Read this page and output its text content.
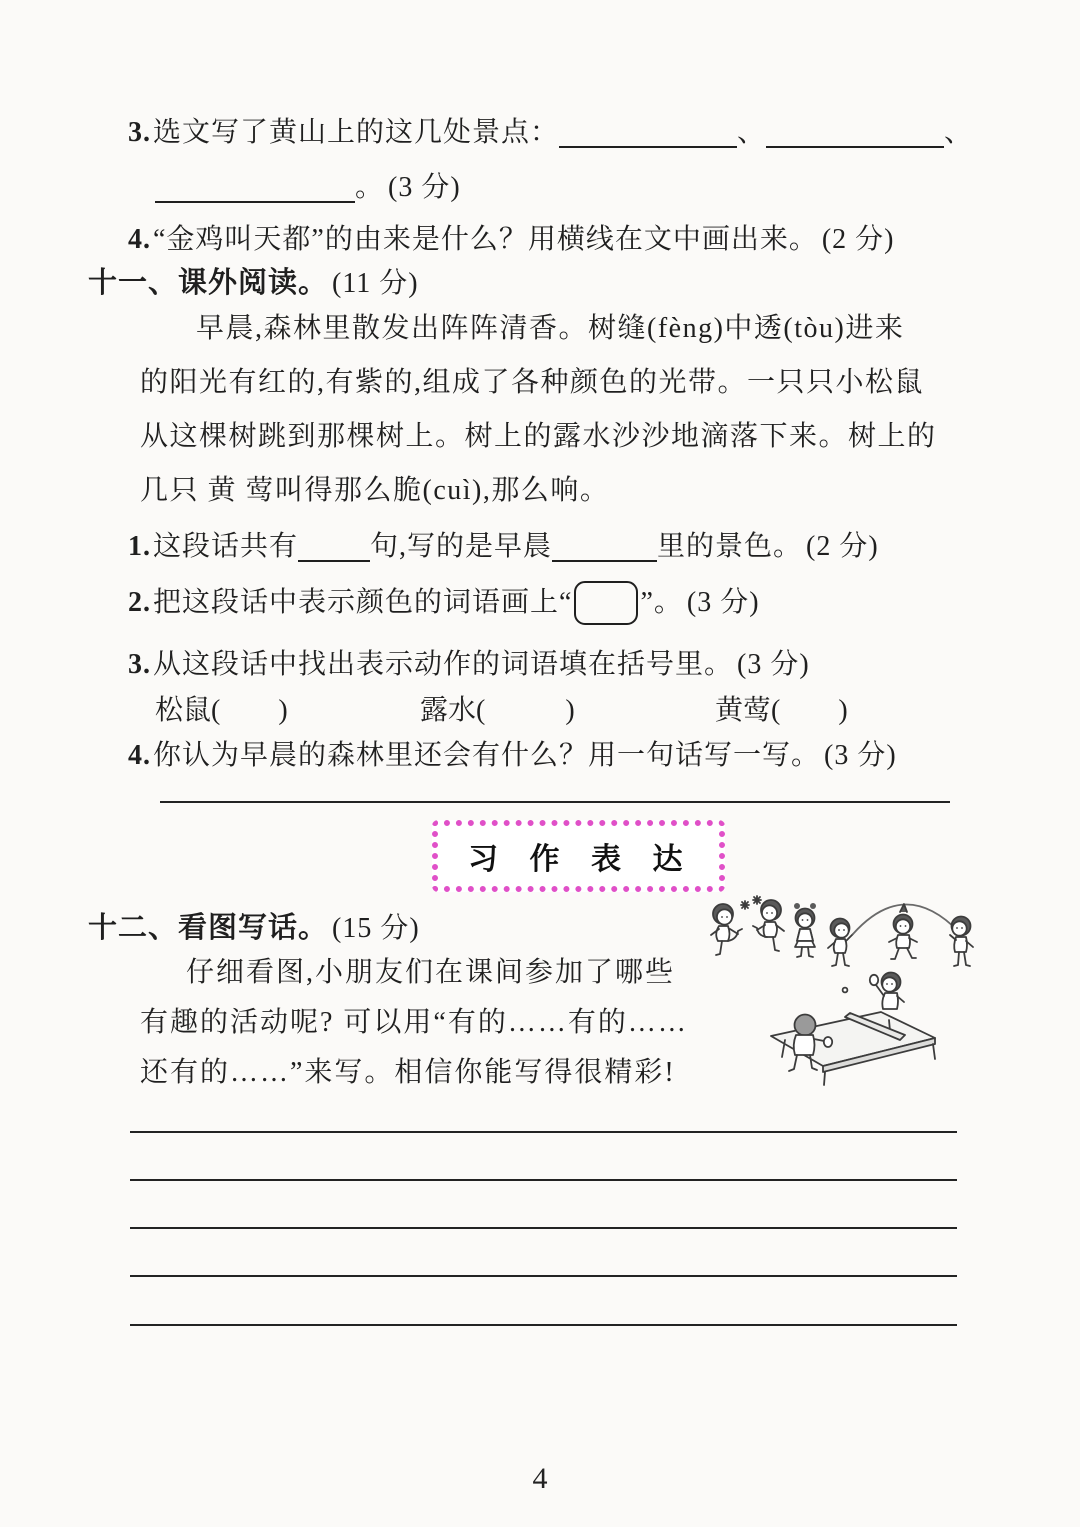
3.选文写了黄山上的这几处景点：	、	、
。 (3 分)
4.“金鸡叫天都”的由来是什么？用横线在文中画出来。 (2 分)
十一、课外阅读。 (11 分)
早晨,森林里散发出阵阵清香。树缝(fèng)中透(tòu)进来
的阳光有红的,有紫的,组成了各种颜色的光带。一只只小松鼠
从这棵树跳到那棵树上。树上的露水沙沙地滴落下来。树上的
几只 黄 莺叫得那么脆(cuì),那么响。
1.这段话共有	句,写的是早晨	里的景色。 (2 分)
2.把这段话中表示颜色的词语画上“ ”。 (3 分)
3.从这段话中找出表示动作的词语填在括号里。 (3 分)
松鼠( )	露水(	)	黄莺( )
4.你认为早晨的森林里还会有什么？用一句话写一写。 (3 分)
习 作 表 达
十二、看图写话。 (15 分)
仔细看图,小朋友们在课间参加了哪些
有趣的活动呢? 可以用“有的……有的……
还有的……”来写。相信你能写得很精彩!
4
